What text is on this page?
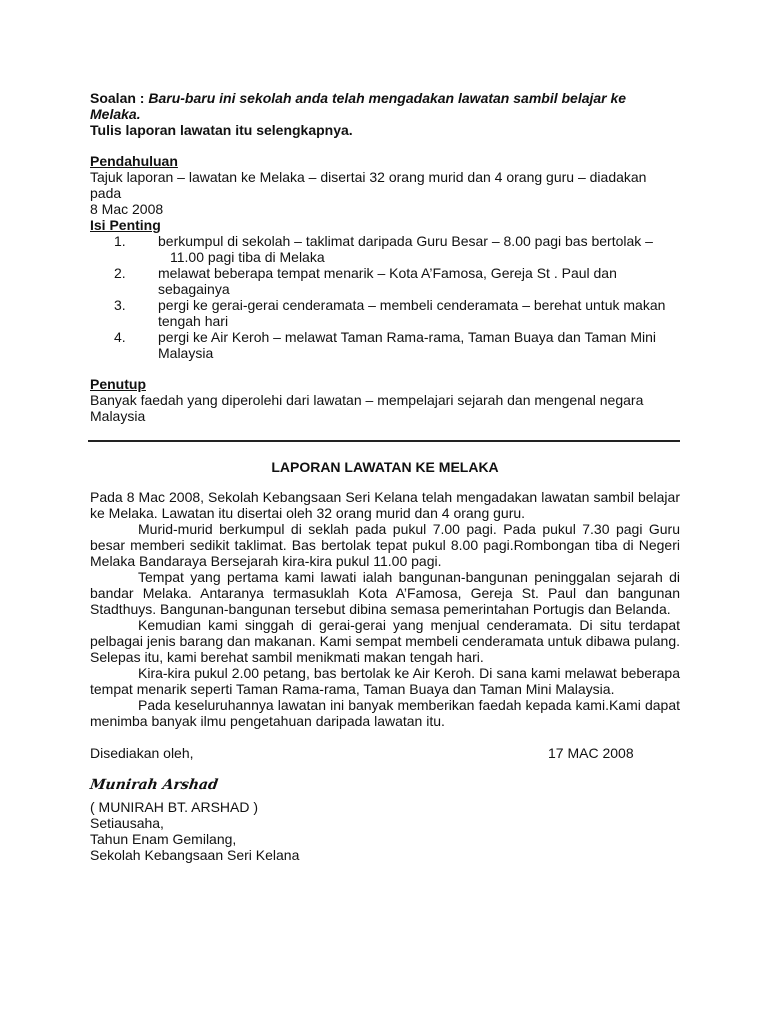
Soalan : Baru-baru ini sekolah anda telah mengadakan lawatan sambil belajar ke Melaka.
Tulis laporan lawatan itu selengkapnya.
Pendahuluan
Tajuk laporan – lawatan ke Melaka – disertai 32 orang murid dan 4 orang guru – diadakan pada
8 Mac 2008
Isi Penting
1. berkumpul di sekolah – taklimat daripada Guru Besar – 8.00 pagi bas bertolak –
11.00 pagi tiba di Melaka
2. melawat beberapa tempat menarik – Kota A’Famosa, Gereja St . Paul dan
sebagainya
3. pergi ke gerai-gerai cenderamata – membeli cenderamata – berehat untuk makan
tengah hari
4. pergi ke Air Keroh – melawat Taman Rama-rama, Taman Buaya dan Taman Mini
Malaysia
Penutup
Banyak faedah yang diperolehi dari lawatan – mempelajari sejarah dan mengenal negara
Malaysia
LAPORAN LAWATAN KE MELAKA

Pada 8 Mac 2008, Sekolah Kebangsaan Seri Kelana telah mengadakan lawatan sambil belajar ke Melaka. Lawatan itu disertai oleh 32 orang murid dan 4 orang guru.

Murid-murid berkumpul di seklah pada pukul 7.00 pagi. Pada pukul 7.30 pagi Guru besar memberi sedikit taklimat. Bas bertolak tepat pukul 8.00 pagi.Rombongan tiba di Negeri Melaka Bandaraya Bersejarah kira-kira pukul 11.00 pagi.

Tempat yang pertama kami lawati ialah bangunan-bangunan peninggalan sejarah di bandar Melaka. Antaranya termasuklah Kota A’Famosa, Gereja St. Paul dan bangunan Stadthuys. Bangunan-bangunan tersebut dibina semasa pemerintahan Portugis dan Belanda.

Kemudian kami singgah di gerai-gerai yang menjual cenderamata. Di situ terdapat pelbagai jenis barang dan makanan. Kami sempat membeli cenderamata untuk dibawa pulang. Selepas itu, kami berehat sambil menikmati makan tengah hari.

Kira-kira pukul 2.00 petang, bas bertolak ke Air Keroh. Di sana kami melawat beberapa tempat menarik seperti Taman Rama-rama, Taman Buaya dan Taman Mini Malaysia.

Pada keseluruhannya lawatan ini banyak memberikan faedah kepada kami.Kami dapat menimba banyak ilmu pengetahuan daripada lawatan itu.

Disediakan oleh,	17 MAC 2008
Munirah Arshad
( MUNIRAH BT. ARSHAD )
Setiausaha,
Tahun Enam Gemilang,
Sekolah Kebangsaan Seri Kelana
